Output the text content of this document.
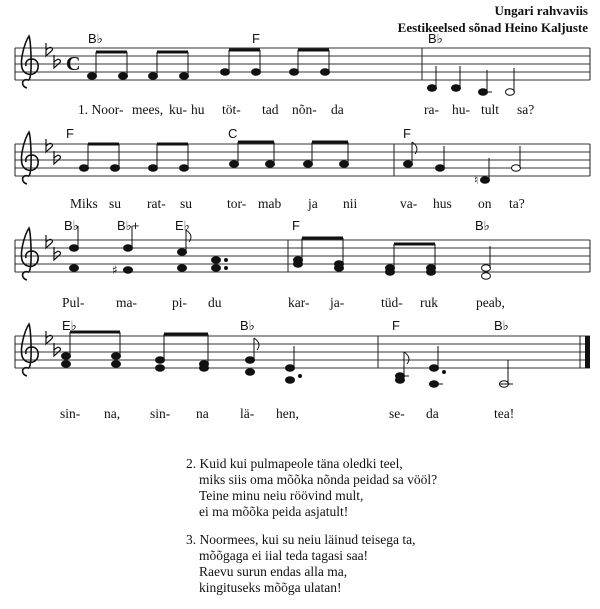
Ungari rahvaviis
Eestikeelsed sõnad Heino Kaljuste
C
♮
♯
B♭	F	B♭
F	C	F
B♭	B♭+	E♭	F	B♭
E♭	B♭	F	B♭
1. Noor- mees, ku- hu töt- tad nõn- da	ra- hu- tult sa?
Miks su rat- su	tor- mab ja nii	va- hus on ta?
Pul- ma-	pi- du	kar- ja-	tüd- ruk	peab,
sin- na, sin- na lä- hen,	se- da	tea!
2. Kuid kui pulmapeole täna oledki teel,
miks siis oma mõõka nõnda peidad sa vööl?
Teine minu neiu röövind mult,
ei ma mõõka peida asjatult!
3. Noormees, kui su neiu läinud teisega ta,
mõõgaga ei iial teda tagasi saa!
Raevu surun endas alla ma,
kingituseks mõõga ulatan!
